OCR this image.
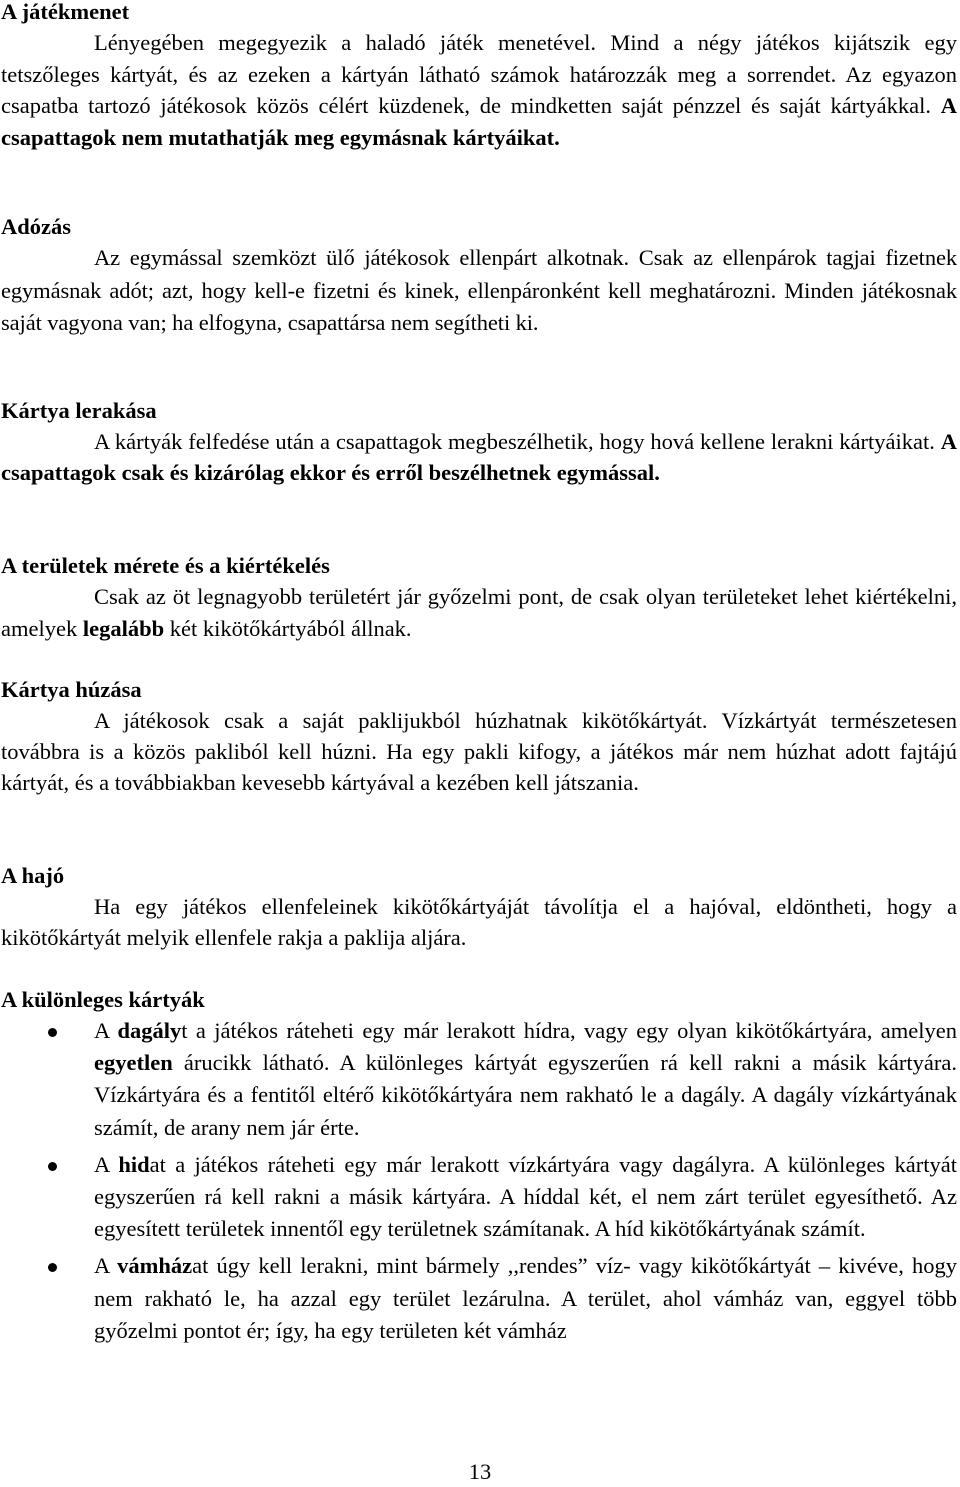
A játékmenet

Lényegében megegyezik a haladó játék menetével. Mind a négy játékos kijátszik egy tetszőleges kártyát, és az ezeken a kártyán látható számok határozzák meg a sorrendet. Az egyazon csapatba tartozó játékosok közös célért küzdenek, de mindketten saját pénzzel és saját kártyákkal. A csapattagok nem mutathatják meg egymásnak kártyáikat.

Adózás

Az egymással szemközt ülő játékosok ellenpárt alkotnak. Csak az ellenpárok tagjai fizetnek egymásnak adót; azt, hogy kell-e fizetni és kinek, ellenpáronként kell meghatározni. Minden játékosnak saját vagyona van; ha elfogyna, csapattársa nem segítheti ki.

Kártya lerakása

A kártyák felfedése után a csapattagok megbeszélhetik, hogy hová kellene lerakni kártyáikat. A csapattagok csak és kizárólag ekkor és erről beszélhetnek egymással.

A területek mérete és a kiértékelés

Csak az öt legnagyobb területért jár győzelmi pont, de csak olyan területeket lehet kiértékelni, amelyek legalább két kikötőkártyából állnak.

Kártya húzása

A játékosok csak a saját paklijukból húzhatnak kikötőkártyát. Vízkártyát természetesen továbbra is a közös pakliból kell húzni. Ha egy pakli kifogy, a játékos már nem húzhat adott fajtájú kártyát, és a továbbiakban kevesebb kártyával a kezében kell játszania.

A hajó

Ha egy játékos ellenfeleinek kikötőkártyáját távolítja el a hajóval, eldöntheti, hogy a kikötőkártyát melyik ellenfele rakja a paklija aljára.

A különleges kártyák
A dagályt a játékos ráteheti egy már lerakott hídra, vagy egy olyan kikötőkártyára, amelyen egyetlen árucikk látható. A különleges kártyát egyszerűen rá kell rakni a másik kártyára. Vízkártyára és a fentitől eltérő kikötőkártyára nem rakható le a dagály. A dagály vízkártyának számít, de arany nem jár érte.
A hidat a játékos ráteheti egy már lerakott vízkártyára vagy dagályra. A különleges kártyát egyszerűen rá kell rakni a másik kártyára. A híddal két, el nem zárt terület egyesíthető. Az egyesített területek innentől egy területnek számítanak. A híd kikötőkártyának számít.
A vámházat úgy kell lerakni, mint bármely ,,rendes” víz- vagy kikötőkártyát – kivéve, hogy nem rakható le, ha azzal egy terület lezárulna. A terület, ahol vámház van, eggyel több győzelmi pontot ér; így, ha egy területen két vámház
13
